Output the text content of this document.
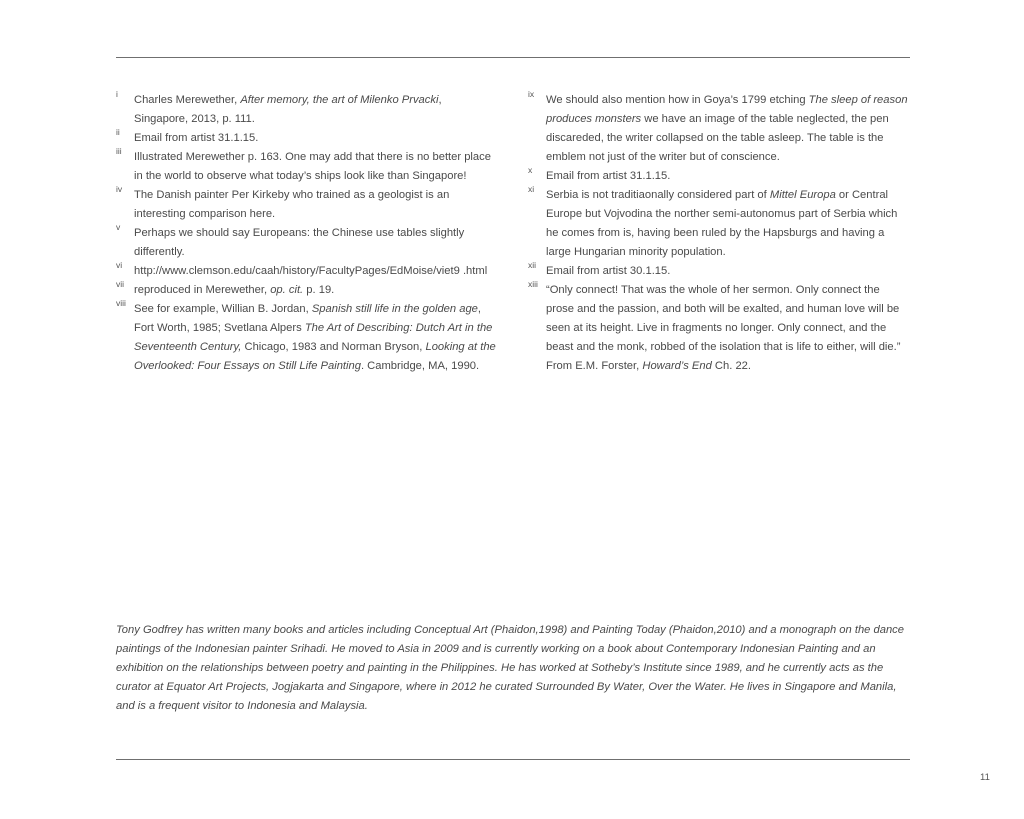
i Charles Merewether, After memory, the art of Milenko Prvacki, Singapore, 2013, p. 111.
ii Email from artist 31.1.15.
iii Illustrated Merewether p. 163. One may add that there is no better place in the world to observe what today’s ships look like than Singapore!
iv The Danish painter Per Kirkeby who trained as a geologist is an interesting comparison here.
v Perhaps we should say Europeans: the Chinese use tables slightly differently.
vi http://www.clemson.edu/caah/history/FacultyPages/EdMoise/viet9 .html
vii reproduced in Merewether, op. cit. p. 19.
viii See for example, Willian B. Jordan, Spanish still life in the golden age, Fort Worth, 1985; Svetlana Alpers The Art of Describing: Dutch Art in the Seventeenth Century, Chicago, 1983 and Norman Bryson, Looking at the Overlooked: Four Essays on Still Life Painting. Cambridge, MA, 1990.
ix We should also mention how in Goya’s 1799 etching The sleep of reason produces monsters we have an image of the table neglected, the pen discareded, the writer collapsed on the table asleep. The table is the emblem not just of the writer but of conscience.
x Email from artist 31.1.15.
xi Serbia is not traditiaonally considered part of Mittel Europa or Central Europe but Vojvodina the norther semi-autonomus part of Serbia which he comes from is, having been ruled by the Hapsburgs and having a large Hungarian minority population.
xii Email from artist 30.1.15.
xiii “Only connect! That was the whole of her sermon. Only connect the prose and the passion, and both will be exalted, and human love will be seen at its height. Live in fragments no longer. Only connect, and the beast and the monk, robbed of the isolation that is life to either, will die.” From E.M. Forster, Howard’s End Ch. 22.

Tony Godfrey has written many books and articles including Conceptual Art (Phaidon,1998) and Painting Today (Phaidon,2010) and a monograph on the dance paintings of the Indonesian painter Srihadi. He moved to Asia in 2009 and is currently working on a book about Contemporary Indonesian Painting and an exhibition on the relationships between poetry and painting in the Philippines. He has worked at Sotheby’s Institute since 1989, and he currently acts as the curator at Equator Art Projects, Jogjakarta and Singapore, where in 2012 he curated Surrounded By Water, Over the Water. He lives in Singapore and Manila, and is a frequent visitor to Indonesia and Malaysia.

11
